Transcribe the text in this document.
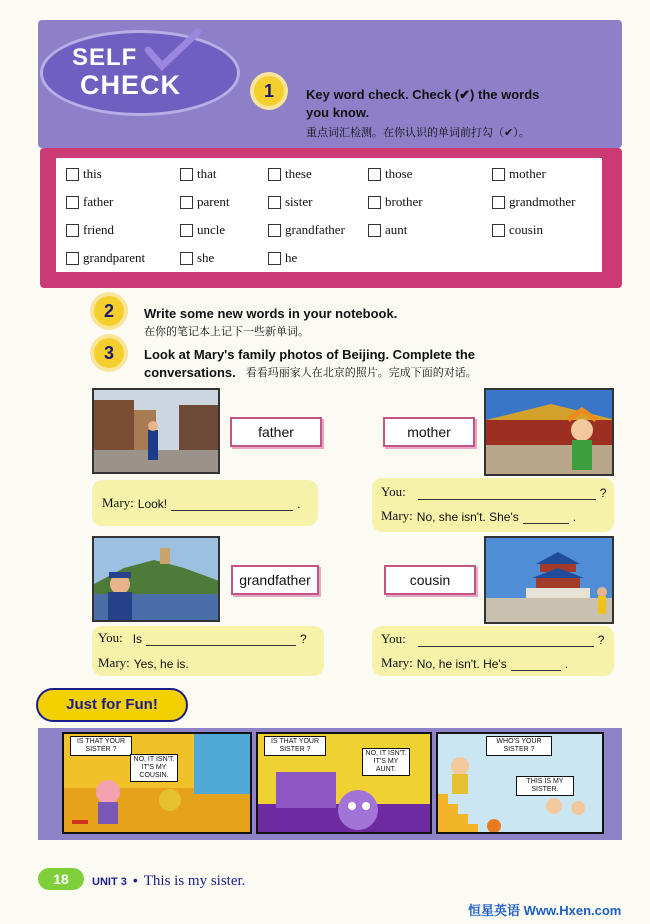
SELF
CHECK	1	Key word check. Check (✔) the words
you know.
重点词汇检测。在你认识的单词前打勾（✔）。
this	that	these	those	mother
father	parent	sister	brother	grandmother
friend	uncle	grandfather	aunt	cousin
grandparent	she	he
2	Write some new words in your notebook.
在你的笔记本上记下一些新单词。
3	Look at Mary's family photos of Beijing. Complete the
conversations. 看看玛丽家人在北京的照片。完成下面的对话。
father
Mary: Look!	.
mother
You:	?
Mary: No, she isn't. She's	.
grandfather
You: Is	?
Mary: Yes, he is.
cousin
You:	?
Mary: No, he isn't. He's	.
Just for Fun!
IS THAT YOUR SISTER ?
NO, IT ISN'T. IT'S MY COUSIN.
IS THAT YOUR SISTER ?
NO, IT ISN'T. IT'S MY AUNT.
WHO'S YOUR SISTER ?
THIS IS MY SISTER.
18	UNIT 3 • This is my sister.
恒星英语 Www.Hxen.com
